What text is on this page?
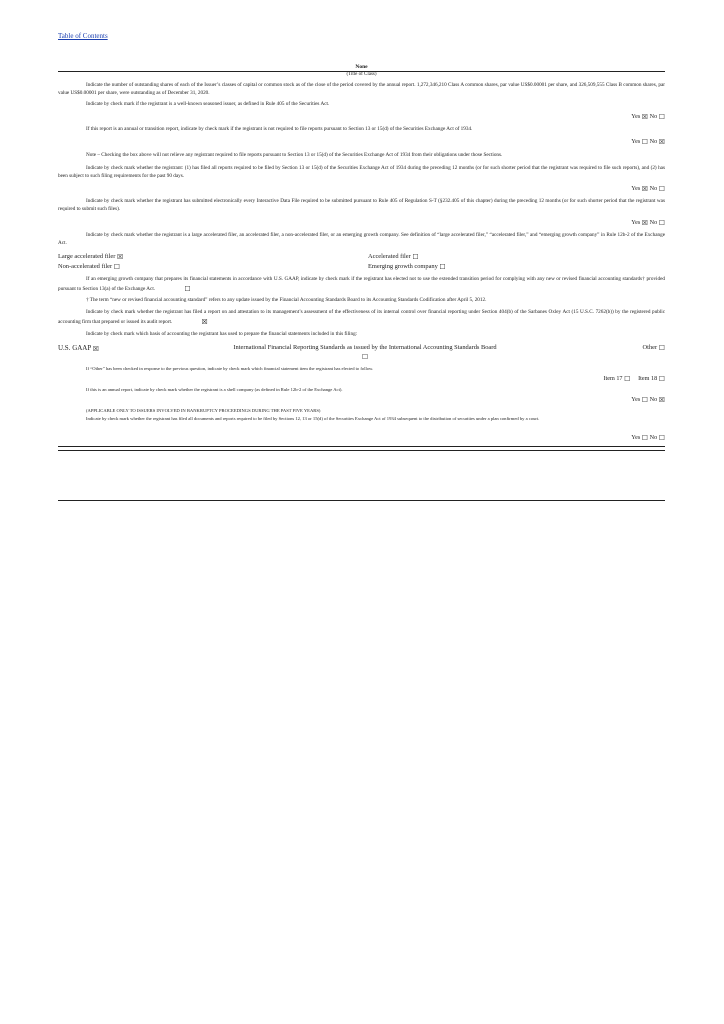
Table of Contents
None
(Title of Class)
Indicate the number of outstanding shares of each of the Issuer’s classes of capital or common stock as of the close of the period covered by the annual report. 1,272,346,210 Class A common shares, par value US$0.00001 per share, and 326,509,555 Class B common shares, par value US$0.00001 per share, were outstanding as of December 31, 2020.
Indicate by check mark if the registrant is a well-known seasoned issuer, as defined in Rule 405 of the Securities Act.
Yes ☒ No ☐
If this report is an annual or transition report, indicate by check mark if the registrant is not required to file reports pursuant to Section 13 or 15(d) of the Securities Exchange Act of 1934.
Yes ☐ No ☒
Note – Checking the box above will not relieve any registrant required to file reports pursuant to Section 13 or 15(d) of the Securities Exchange Act of 1934 from their obligations under those Sections.
Indicate by check mark whether the registrant: (1) has filed all reports required to be filed by Section 13 or 15(d) of the Securities Exchange Act of 1934 during the preceding 12 months (or for such shorter period that the registrant was required to file such reports), and (2) has been subject to such filing requirements for the past 90 days.
Yes ☒ No ☐
Indicate by check mark whether the registrant has submitted electronically every Interactive Data File required to be submitted pursuant to Rule 405 of Regulation S-T (§232.405 of this chapter) during the preceding 12 months (or for such shorter period that the registrant was required to submit such files).
Yes ☒ No ☐
Indicate by check mark whether the registrant is a large accelerated filer, an accelerated filer, a non-accelerated filer, or an emerging growth company. See definition of “large accelerated filer,” “accelerated filer,” and “emerging growth company” in Rule 12b-2 of the Exchange Act.
Large accelerated filer ☒	Accelerated filer ☐
Non-accelerated filer ☐	Emerging growth company ☐
If an emerging growth company that prepares its financial statements in accordance with U.S. GAAP, indicate by check mark if the registrant has elected not to use the extended transition period for complying with any new or revised financial accounting standards† provided pursuant to Section 13(a) of the Exchange Act.	☐
† The term “new or revised financial accounting standard” refers to any update issued by the Financial Accounting Standards Board to its Accounting Standards Codification after April 5, 2012.
Indicate by check mark whether the registrant has filed a report on and attestation to its management’s assessment of the effectiveness of its internal control over financial reporting under Section 404(b) of the Sarbanes Oxley Act (15 U.S.C. 7262(b)) by the registered public accounting firm that prepared or issued its audit report.	☒
Indicate by check mark which basis of accounting the registrant has used to prepare the financial statements included in this filing:
U.S. GAAP ☒	International Financial Reporting Standards as issued by the International Accounting Standards Board ☐
Other ☐
If “Other” has been checked in response to the previous question, indicate by check mark which financial statement item the registrant has elected to follow.
Item 17 ☐ Item 18 ☐
If this is an annual report, indicate by check mark whether the registrant is a shell company (as defined in Rule 12b-2 of the Exchange Act).
Yes ☐ No ☒
(APPLICABLE ONLY TO ISSUERS INVOLVED IN BANKRUPTCY PROCEEDINGS DURING THE PAST FIVE YEARS)
Indicate by check mark whether the registrant has filed all documents and reports required to be filed by Sections 12, 13 or 15(d) of the Securities Exchange Act of 1934 subsequent to the distribution of securities under a plan confirmed by a court.
Yes ☐ No ☐
